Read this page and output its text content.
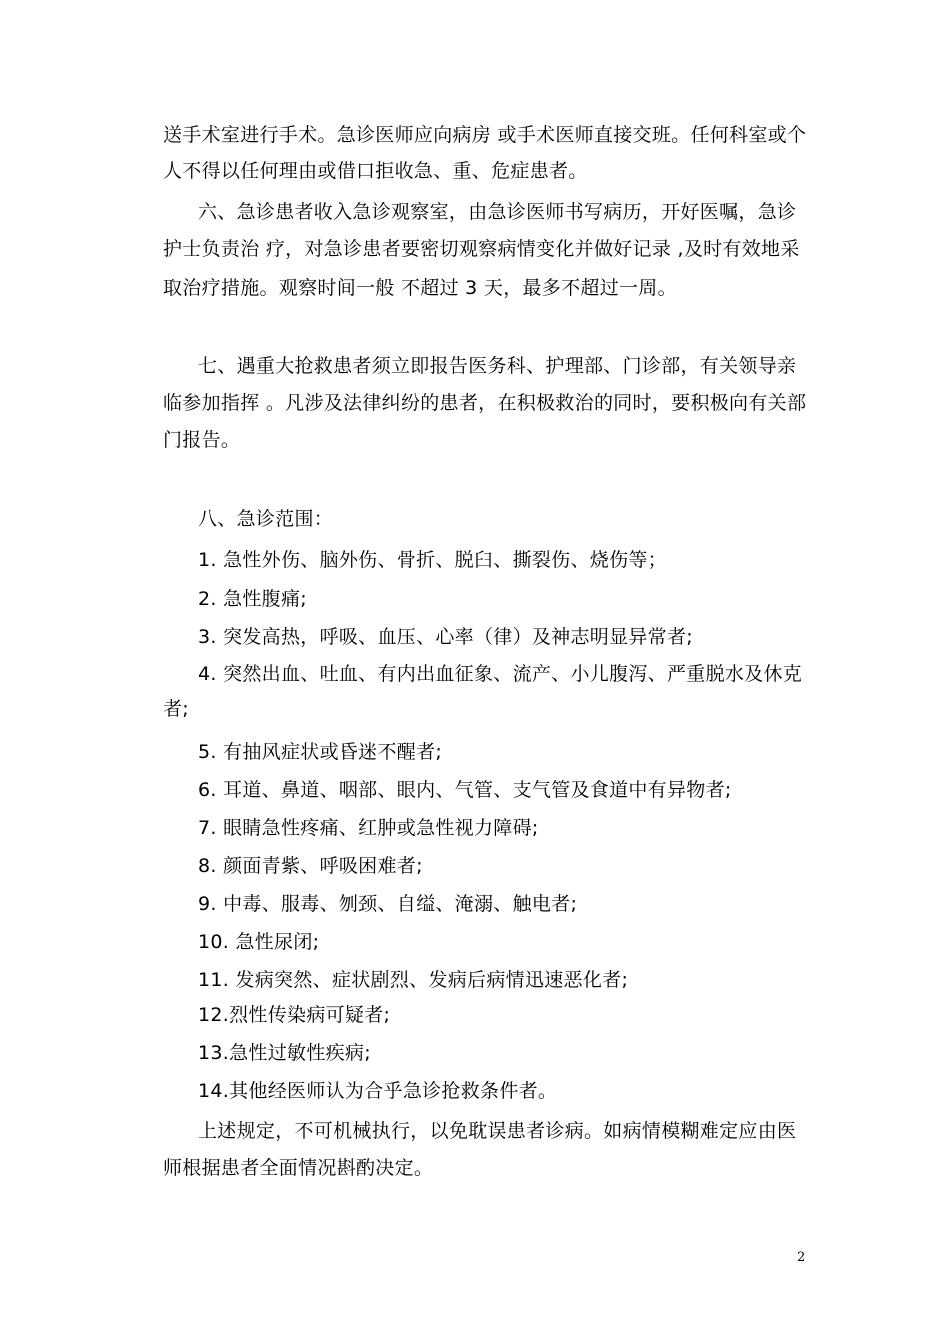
送手术室进行手术。急诊医师应向病房 或手术医师直接交班。任何科室或个
人不得以任何理由或借口拒收急、重、危症患者。
六、急诊患者收入急诊观察室，由急诊医师书写病历，开好医嘱，急诊
护士负责治 疗，对急诊患者要密切观察病情变化并做好记录 ,及时有效地采
取治疗措施。观察时间一般 不超过 3 天，最多不超过一周。
七、遇重大抢救患者须立即报告医务科、护理部、门诊部，有关领导亲
临参加指挥 。凡涉及法律纠纷的患者，在积极救治的同时，要积极向有关部
门报告。
八、急诊范围：
1. 急性外伤、脑外伤、骨折、脱臼、撕裂伤、烧伤等；
2. 急性腹痛;
3. 突发高热，呼吸、血压、心率（律）及神志明显异常者;
4. 突然出血、吐血、有内出血征象、流产、小儿腹泻、严重脱水及休克
者;
5. 有抽风症状或昏迷不醒者;
6. 耳道、鼻道、咽部、眼内、气管、支气管及食道中有异物者;
7. 眼睛急性疼痛、红肿或急性视力障碍;
8. 颜面青紫、呼吸困难者;
9. 中毒、服毒、刎颈、自缢、淹溺、触电者;
10. 急性尿闭;
11. 发病突然、症状剧烈、发病后病情迅速恶化者;
12.烈性传染病可疑者;
13.急性过敏性疾病;
14.其他经医师认为合乎急诊抢救条件者。
上述规定，不可机械执行，以免耽误患者诊病。如病情模糊难定应由医
师根据患者全面情况斟酌决定。
2
